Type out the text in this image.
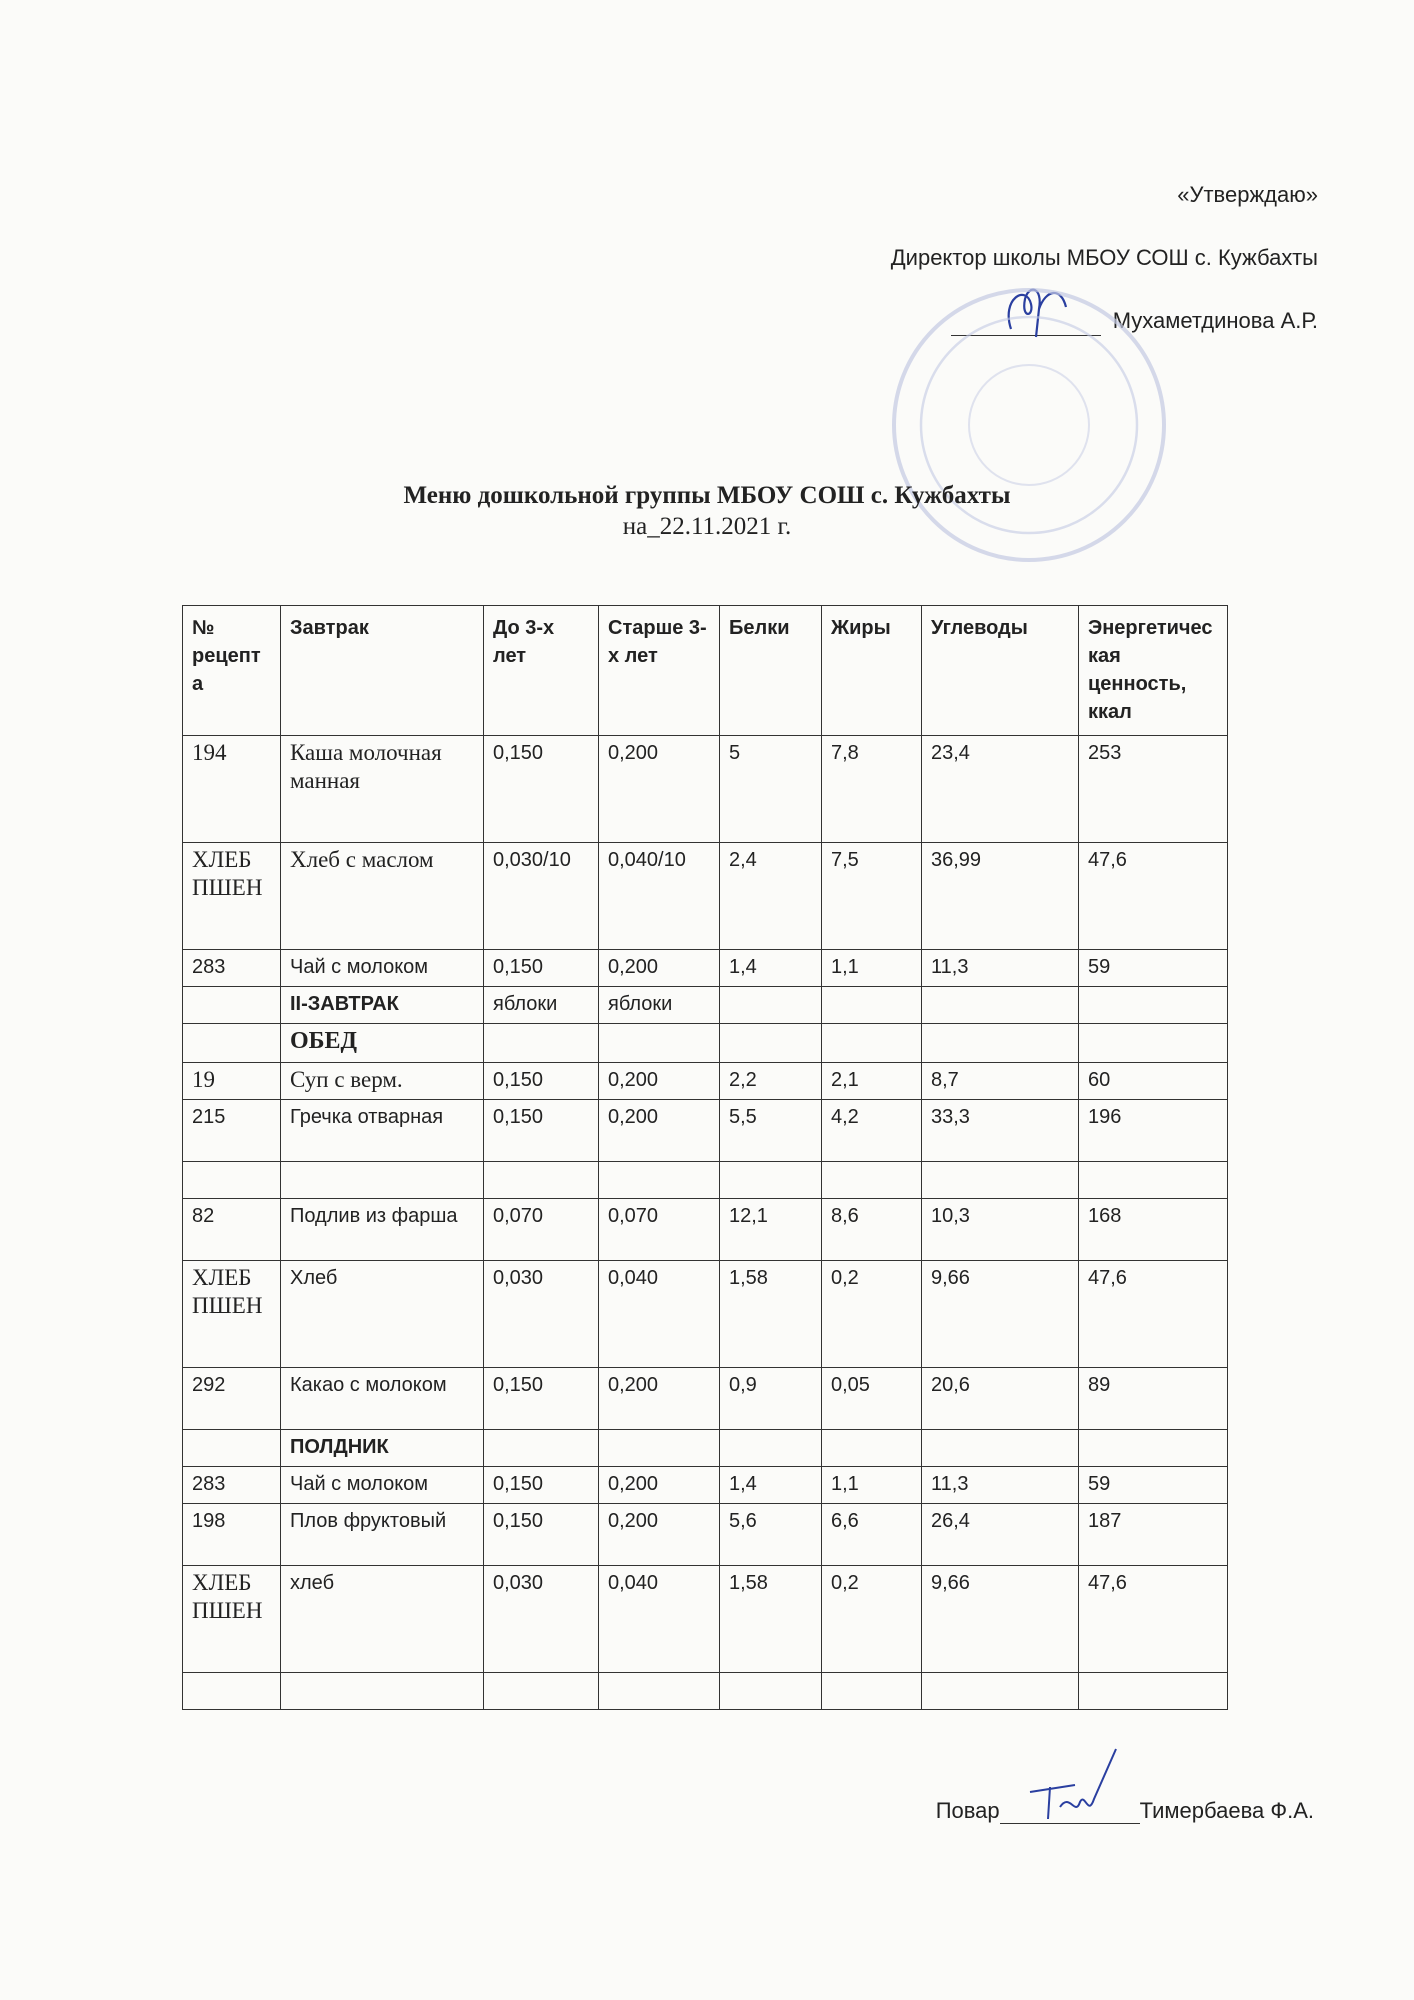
«Утверждаю»
Директор школы МБОУ СОШ с. Кужбахты
Мухаметдинова А.Р.
Меню дошкольной группы МБОУ СОШ с. Кужбахты
на_22.11.2021 г.
№ рецепта	Завтрак	До 3-х лет	Старше 3-х лет	Белки	Жиры	Углеводы	Энергетическая ценность, ккал
194	Каша молочная манная	0,150	0,200	5	7,8	23,4	253
ХЛЕБ ПШЕН	Хлеб с маслом	0,030/10	0,040/10	2,4	7,5	36,99	47,6
283	Чай с молоком	0,150	0,200	1,4	1,1	11,3	59
	II-ЗАВТРАК	яблоки	яблоки				
	ОБЕД						
19	Суп с верм.	0,150	0,200	2,2	2,1	8,7	60
215	Гречка отварная	0,150	0,200	5,5	4,2	33,3	196

82	Подлив из фарша	0,070	0,070	12,1	8,6	10,3	168
ХЛЕБ ПШЕН	Хлеб	0,030	0,040	1,58	0,2	9,66	47,6
292	Какао с молоком	0,150	0,200	0,9	0,05	20,6	89
	ПОЛДНИК						
283	Чай с молоком	0,150	0,200	1,4	1,1	11,3	59
198	Плов фруктовый	0,150	0,200	5,6	6,6	26,4	187
ХЛЕБ ПШЕН	хлеб	0,030	0,040	1,58	0,2	9,66	47,6

Повар	Тимербаева Ф.А.
